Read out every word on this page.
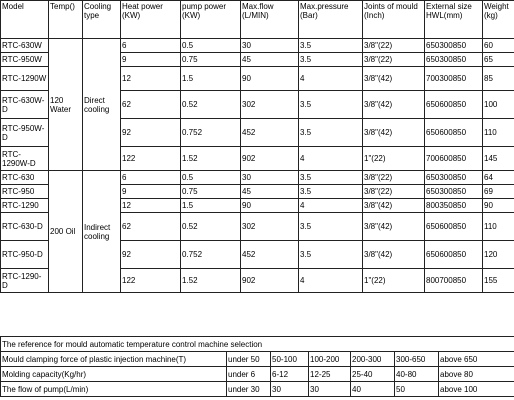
Model	Temp()	Cooling type	Heat power (KW)	pump power (KW)	Max.flow (L/MIN)	Max.pressure (Bar)	Joints of mould (Inch)	External size HWL(mm)	Weight (kg)
RTC-630W	120 Water	Direct cooling	6	0.5	30	3.5	3/8"(22)	650300850	60
RTC-950W			9	0.75	45	3.5	3/8"(22)	650300850	65
RTC-1290W			12	1.5	90	4	3/8"(42)	700300850	85
RTC-630W-D			62	0.52	302	3.5	3/8"(42)	650600850	100
RTC-950W-D			92	0.752	452	3.5	3/8"(42)	650600850	110
RTC-1290W-D			122	1.52	902	4	1"(22)	700600850	145
RTC-630	200 Oil	Indirect cooling	6	0.5	30	3.5	3/8"(22)	650300850	64
RTC-950			9	0.75	45	3.5	3/8"(22)	650300850	69
RTC-1290			12	1.5	90	4	3/8"(42)	800350850	90
RTC-630-D			62	0.52	302	3.5	3/8"(42)	650600850	110
RTC-950-D			92	0.752	452	3.5	3/8"(42)	650600850	120
RTC-1290-D			122	1.52	902	4	1"(22)	800700850	155
The reference for mould automatic temperature control machine selection						
Mould clamping force of plastic injection machine(T)	under 50	50-100	100-200	200-300	300-650	above 650
Molding capacity(Kg/hr)	under 6	6-12	12-25	25-40	40-80	above 80
The flow of pump(L/min)	under 30	30	30	40	50	above 100
